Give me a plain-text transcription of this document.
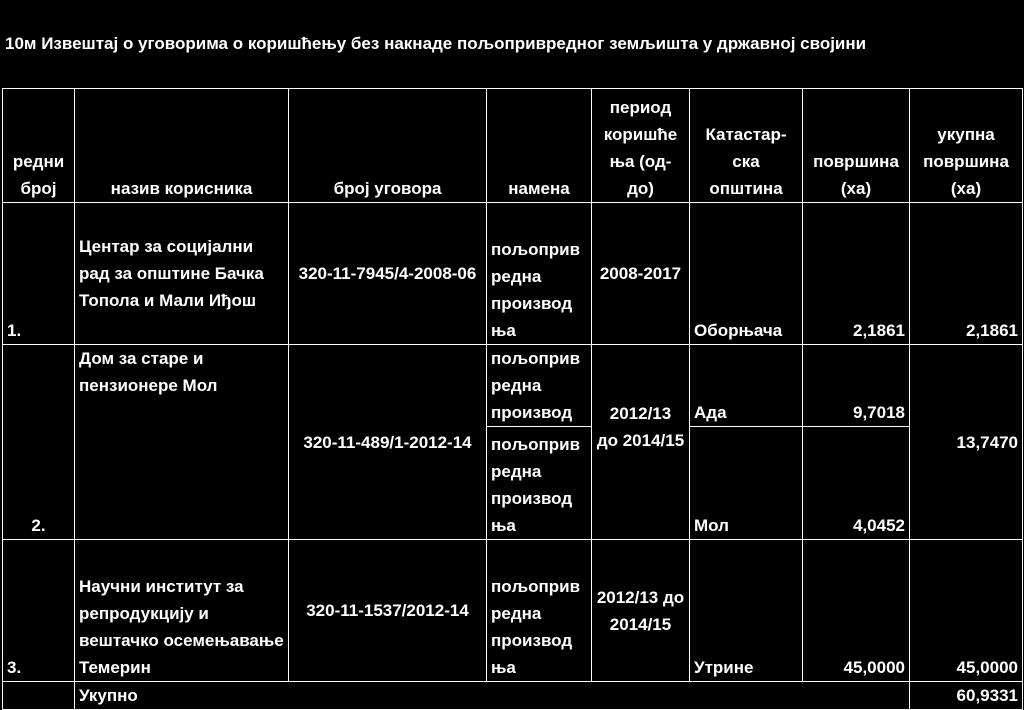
10м Извештај о уговорима о коришћењу без накнаде пољопривредног земљишта у државној својини
редни број	назив корисника	број уговора	намена	период коришће ња (од- до)	Катастар- ска општина	површина (ха)	укупна површина (ха)
1.	Центар за социјални рад за општине Бачка Топола и Мали Иђош	320-11-7945/4-2008-06	пољоприв редна производ ња	2008-2017	Оборњача	2,1861	2,1861
2.	Дом за старе и пензионере Мол	320-11-489/1-2012-14	пољоприв редна производ	2012/13	Ада	9,7018	13,7470
			пољоприв редна производ ња	до 2014/15	Мол	4,0452	
3.	Научни институт за репродукцију и вештачко осемењавање Темерин	320-11-1537/2012-14	пољоприв редна производ ња	2012/13 до 2014/15	Утрине	45,0000	45,0000
	Укупно						60,9331
